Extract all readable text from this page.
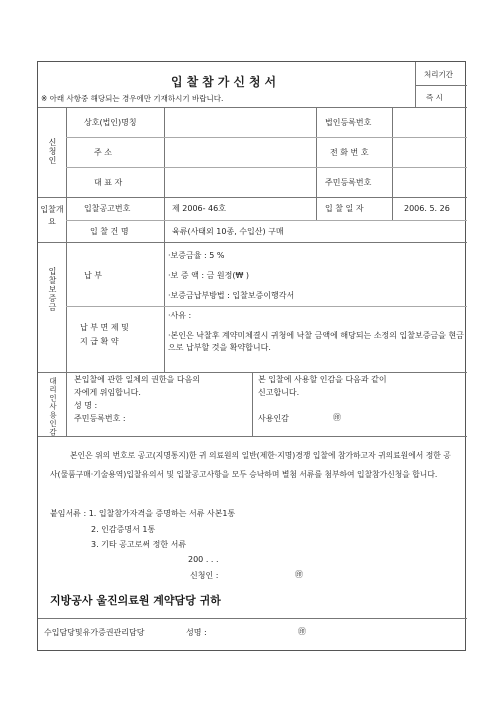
입찰참가신청서
※ 아래 사항중 해당되는 경우에만 기재하시기 바랍니다.
처리기간
즉 시
신청인
상호(법인)명칭	법인등록번호
주 소	전 화 번 호
대 표 자	주민등록번호
입찰개요
입찰공고번호	제 2006- 46호	입 찰 일 자	2006. 5. 26
입 찰 건 명	육류(사태외 10종, 수입산) 구매
입찰보증금	납 부
·보증금율 : 5 %
·보 증 액 : 금 원정(₩ )
·보증금납부방법 : 입찰보증이행각서
납 부 면 제 및
지 급 확 약
·사유 :
·본인은 낙찰후 계약미체결시 귀청에 낙찰 금액에 해당되는 소정의 입찰보증금을 현금으로 납부할 것을 확약합니다.
대리인사용인감 본입찰에 관한 일체의 권한을 다음의
자에게 위임합니다.
성 명 :
주민등록번호 :
본 입찰에 사용할 인감을 다음과 같이
신고합니다.
사용인감	㊞
본인은 위의 번호로 공고(지명통지)한 귀 의료원의 일반(제한·지명)경쟁 입찰에 참가하고자 귀의료원에서 정한 공사(물품구매·기술용역)입찰유의서 및 입찰공고사항을 모두 승낙하며 별첨 서류를 첨부하여 입찰참가신청을 합니다.
붙임서류 : 1. 입찰참가자격을 증명하는 서류 사본1통
2. 인감증명서 1통
3. 기타 공고로써 정한 서류
200 . . .
신청인 :	㊞
지방공사 울진의료원 계약담당 귀하
수입담당및유가증권관리담당	성명 :	㊞
